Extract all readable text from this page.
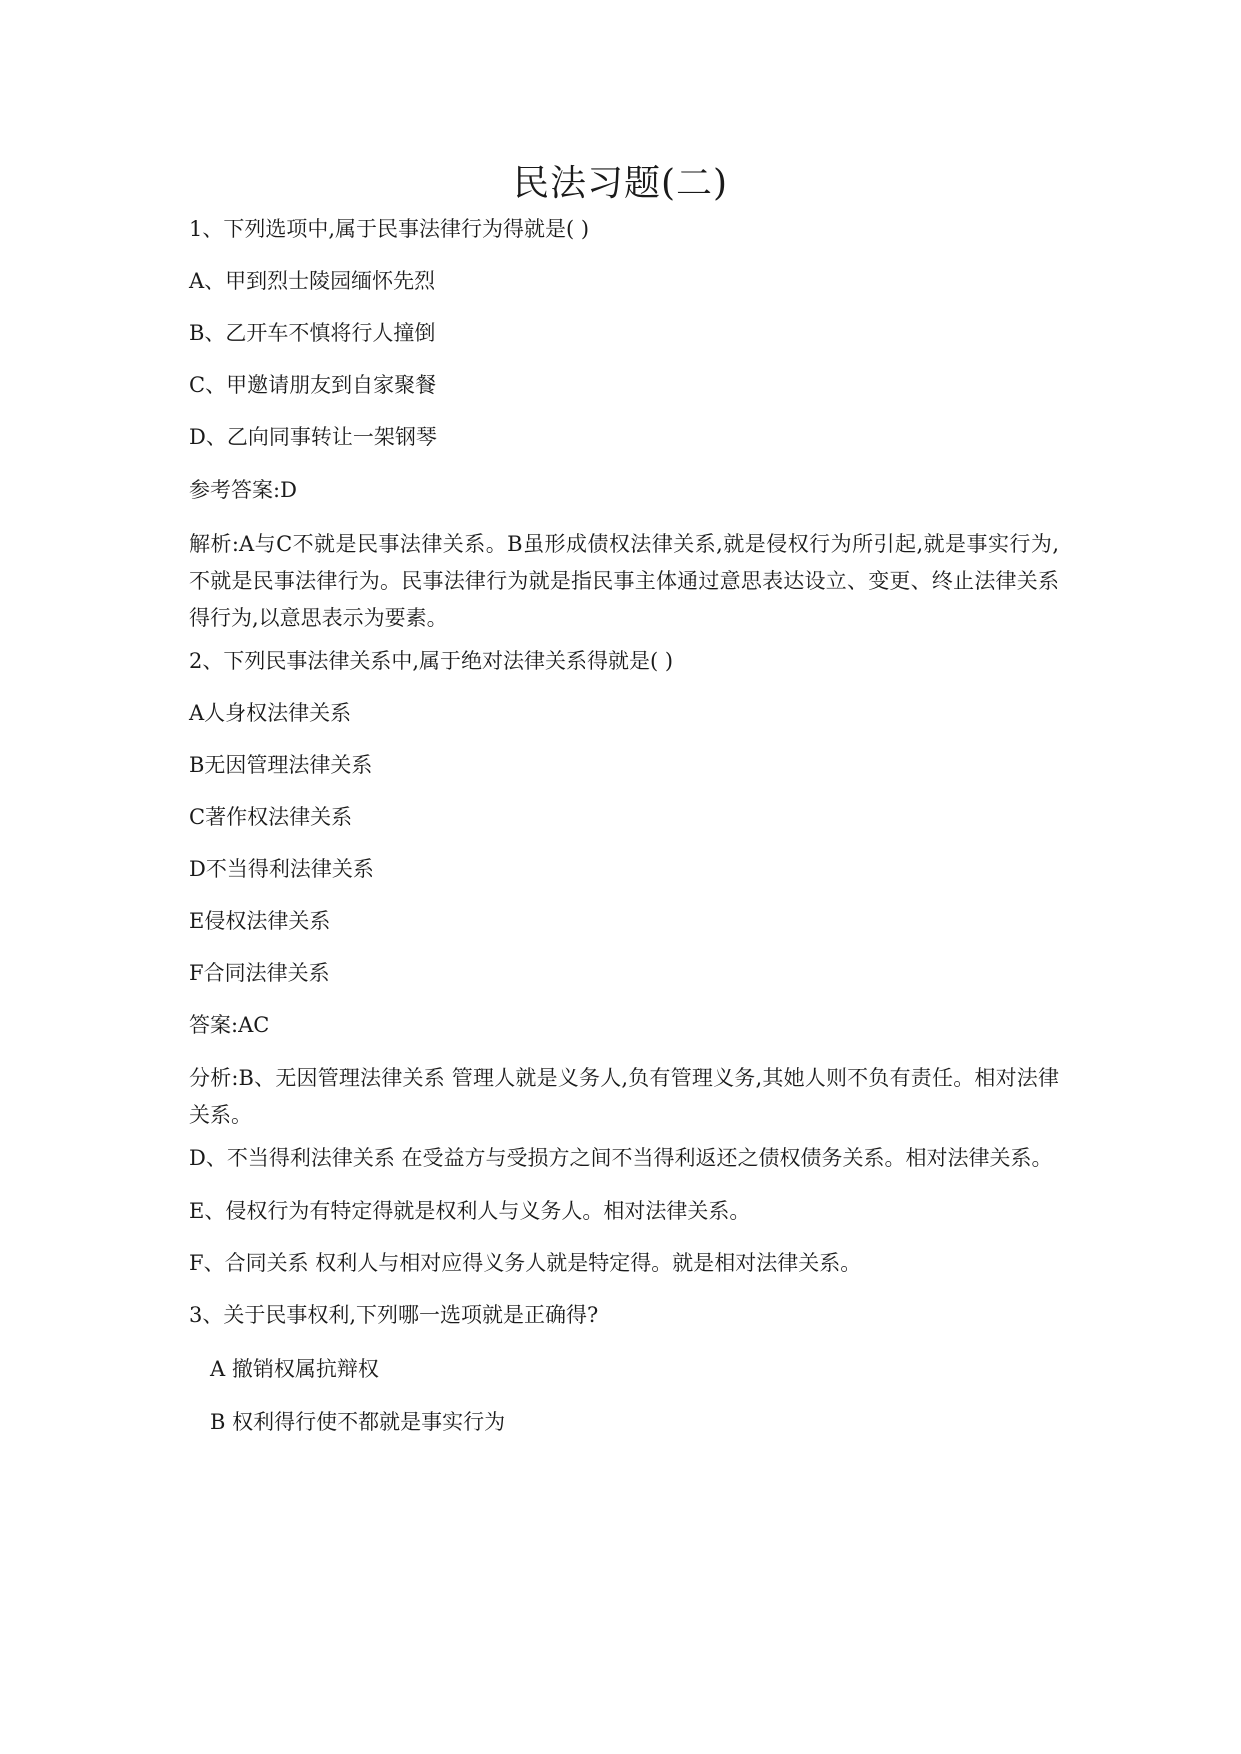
民法习题(二)
1、下列选项中,属于民事法律行为得就是( )
A、甲到烈士陵园缅怀先烈
B、乙开车不慎将行人撞倒
C、甲邀请朋友到自家聚餐
D、乙向同事转让一架钢琴
参考答案:D
解析:A与C不就是民事法律关系。B虽形成债权法律关系,就是侵权行为所引起,就是事实行为,不就是民事法律行为。民事法律行为就是指民事主体通过意思表达设立、变更、终止法律关系得行为,以意思表示为要素。
2、下列民事法律关系中,属于绝对法律关系得就是( )
A人身权法律关系
B无因管理法律关系
C著作权法律关系
D不当得利法律关系
E侵权法律关系
F合同法律关系
答案:AC
分析:B、无因管理法律关系 管理人就是义务人,负有管理义务,其她人则不负有责任。相对法律关系。
D、不当得利法律关系 在受益方与受损方之间不当得利返还之债权债务关系。相对法律关系。
E、侵权行为有特定得就是权利人与义务人。相对法律关系。
F、合同关系 权利人与相对应得义务人就是特定得。就是相对法律关系。
3、关于民事权利,下列哪一选项就是正确得?
A 撤销权属抗辩权
B 权利得行使不都就是事实行为
